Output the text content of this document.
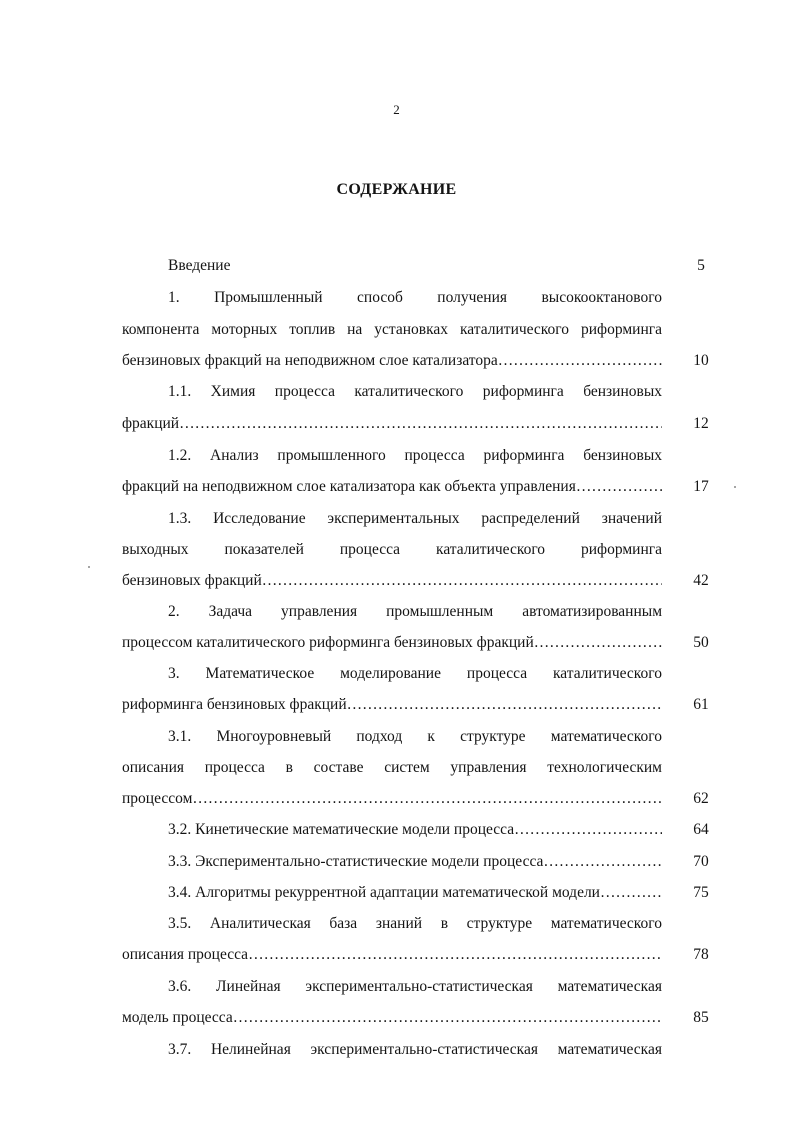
2
СОДЕРЖАНИЕ
Введение	5
1. Промышленный способ получения высокооктанового
компонента моторных топлив на установках каталитического риформинга
бензиновых фракций на неподвижном слое катализатора …………………………………………………………………………………………………………………………………	10
1.1. Химия процесса каталитического риформинга бензиновых
фракций …………………………………………………………………………………………………………………………………	12
1.2. Анализ промышленного процесса риформинга бензиновых
фракций на неподвижном слое катализатора как объекта управления …………………………………………………………………………………………………………………………………	17
1.3. Исследование экспериментальных распределений значений
выходных показателей процесса каталитического риформинга
бензиновых фракций …………………………………………………………………………………………………………………………………	42
2. Задача управления промышленным автоматизированным
процессом каталитического риформинга бензиновых фракций …………………………………………………………………………………………………………………………………	50
3. Математическое моделирование процесса каталитического
риформинга бензиновых фракций …………………………………………………………………………………………………………………………………	61
3.1. Многоуровневый подход к структуре математического
описания процесса в составе систем управления технологическим
процессом …………………………………………………………………………………………………………………………………	62
3.2. Кинетические математические модели процесса …………………………………………………………………………………………………………………………………	64
3.3. Экспериментально-статистические модели процесса …………………………………………………………………………………………………………………………………	70
3.4. Алгоритмы рекуррентной адаптации математической модели …………………………………………………………………………………………………………………………………	75
3.5. Аналитическая база знаний в структуре математического
описания процесса …………………………………………………………………………………………………………………………………	78
3.6. Линейная экспериментально-статистическая математическая
модель процесса …………………………………………………………………………………………………………………………………	85
3.7. Нелинейная экспериментально-статистическая математическая
